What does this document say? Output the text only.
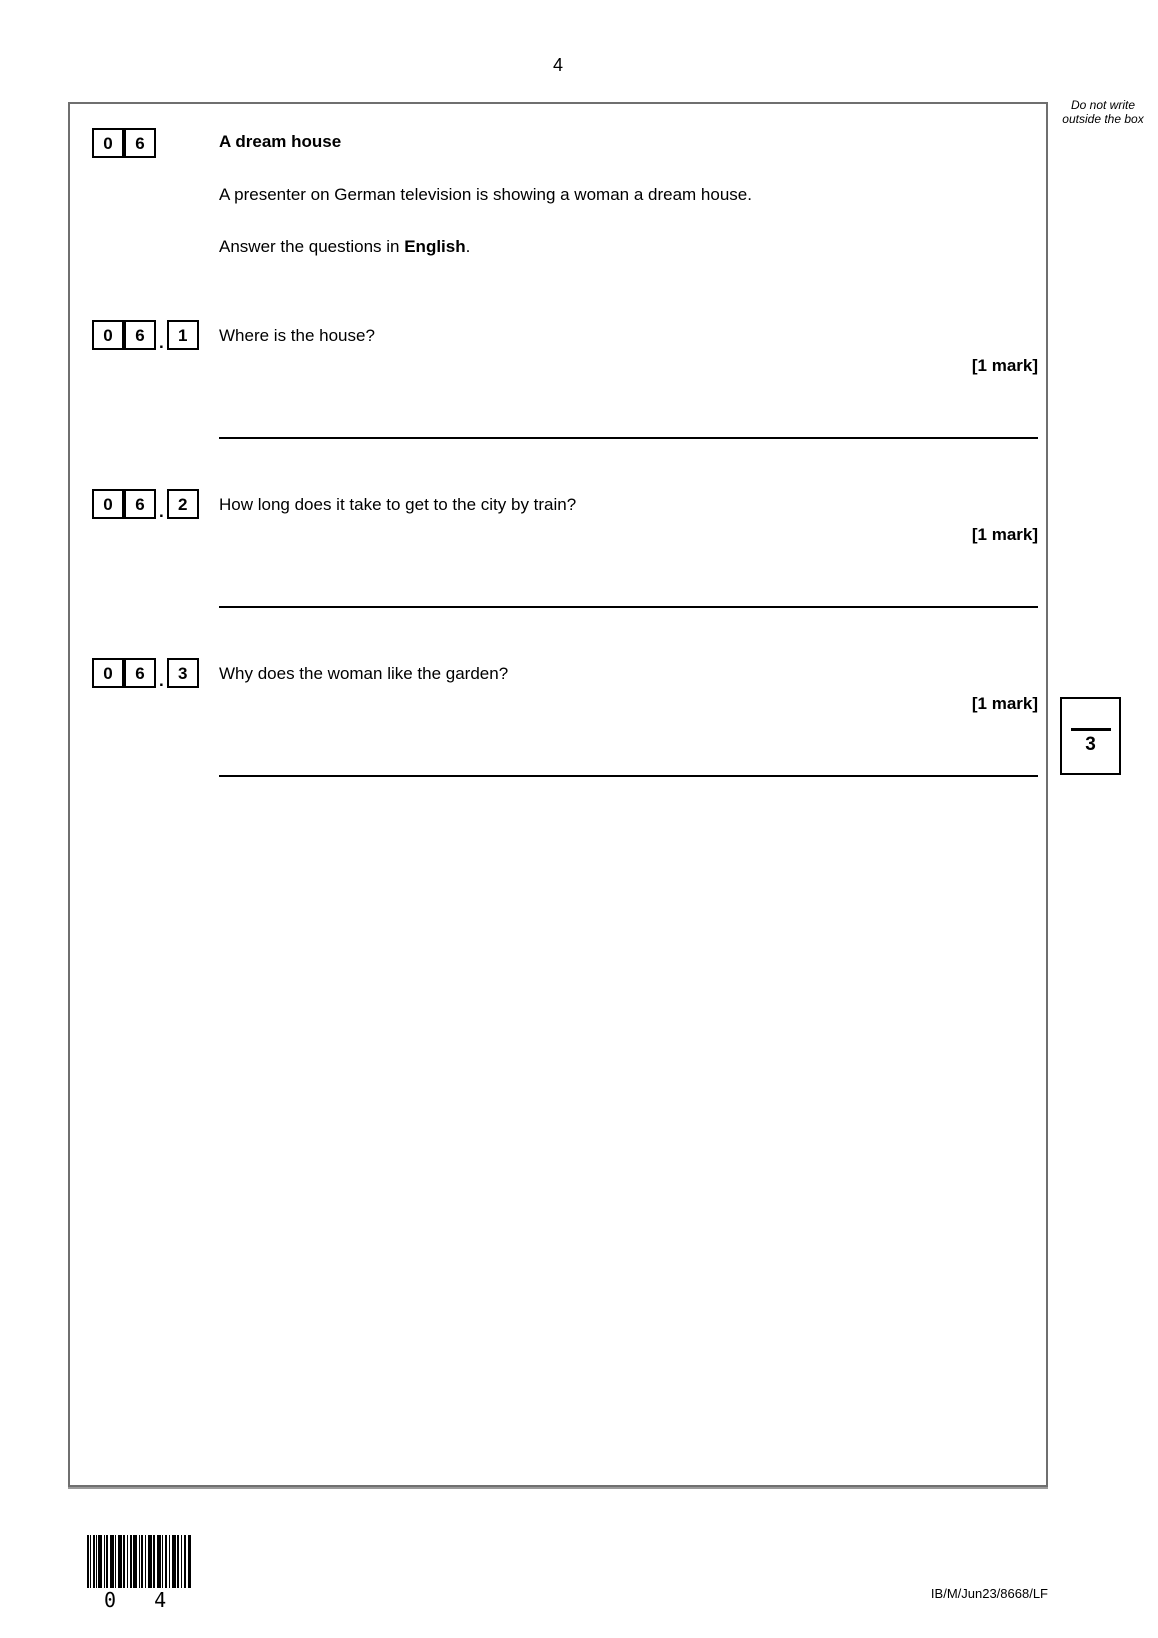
4
Do not write outside the box
0	6	A dream house
A presenter on German television is showing a woman a dream house.
Answer the questions in English.
0	6 . 1	Where is the house?
[1 mark]
0	6 . 2	How long does it take to get to the city by train?
[1 mark]
0	6 . 3	Why does the woman like the garden?
[1 mark]
3
0 4	IB/M/Jun23/8668/LF
